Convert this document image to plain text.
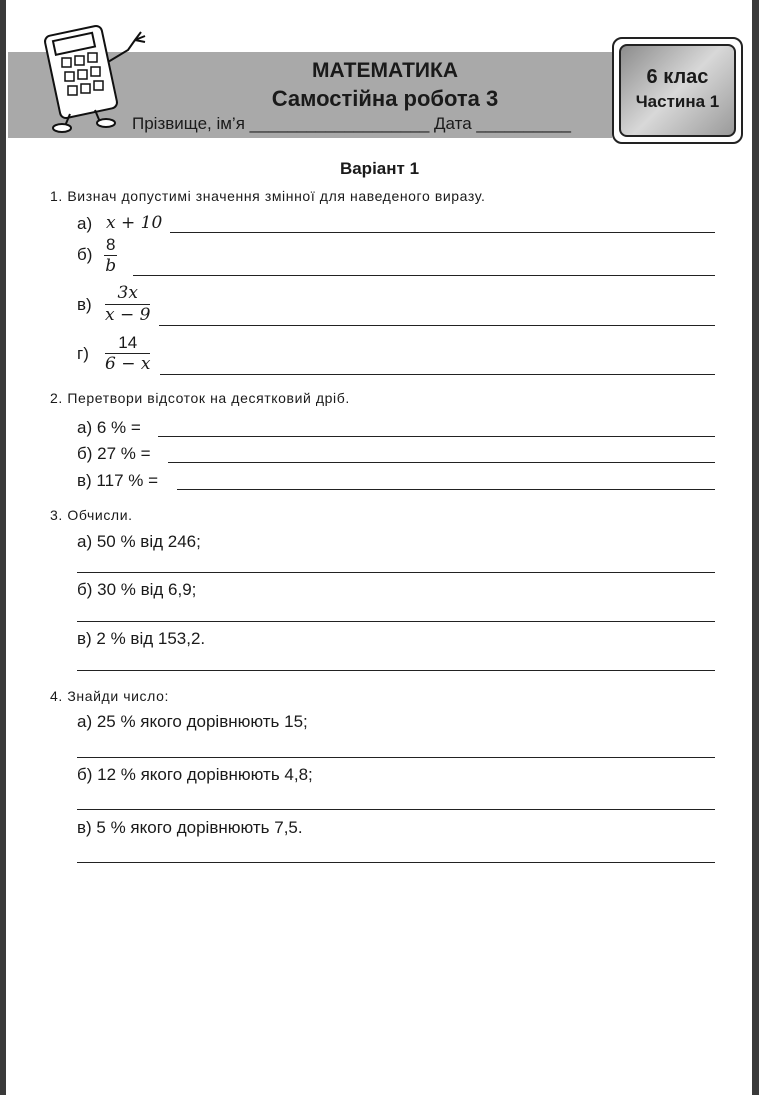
МАТЕМАТИКА
Самостійна робота 3
Прізвище, ім’я ___________________ Дата __________
6 клас
Частина 1
Варіант 1
1. Визнач допустимі значення змінної для наведеного виразу.
а) x + 10
$б) \frac{8}{b}$
$в) \frac{3x}{x - 9}$
$г) \frac{14}{6 - x}$
2. Перетвори відсоток на десятковий дріб.
а) 6 % =
б) 27 % =
в) 117 % =
3. Обчисли.
а) 50 % від 246;
б) 30 % від 6,9;
в) 2 % від 153,2.
4. Знайди число:
а) 25 % якого дорівнюють 15;
б) 12 % якого дорівнюють 4,8;
в) 5 % якого дорівнюють 7,5.
